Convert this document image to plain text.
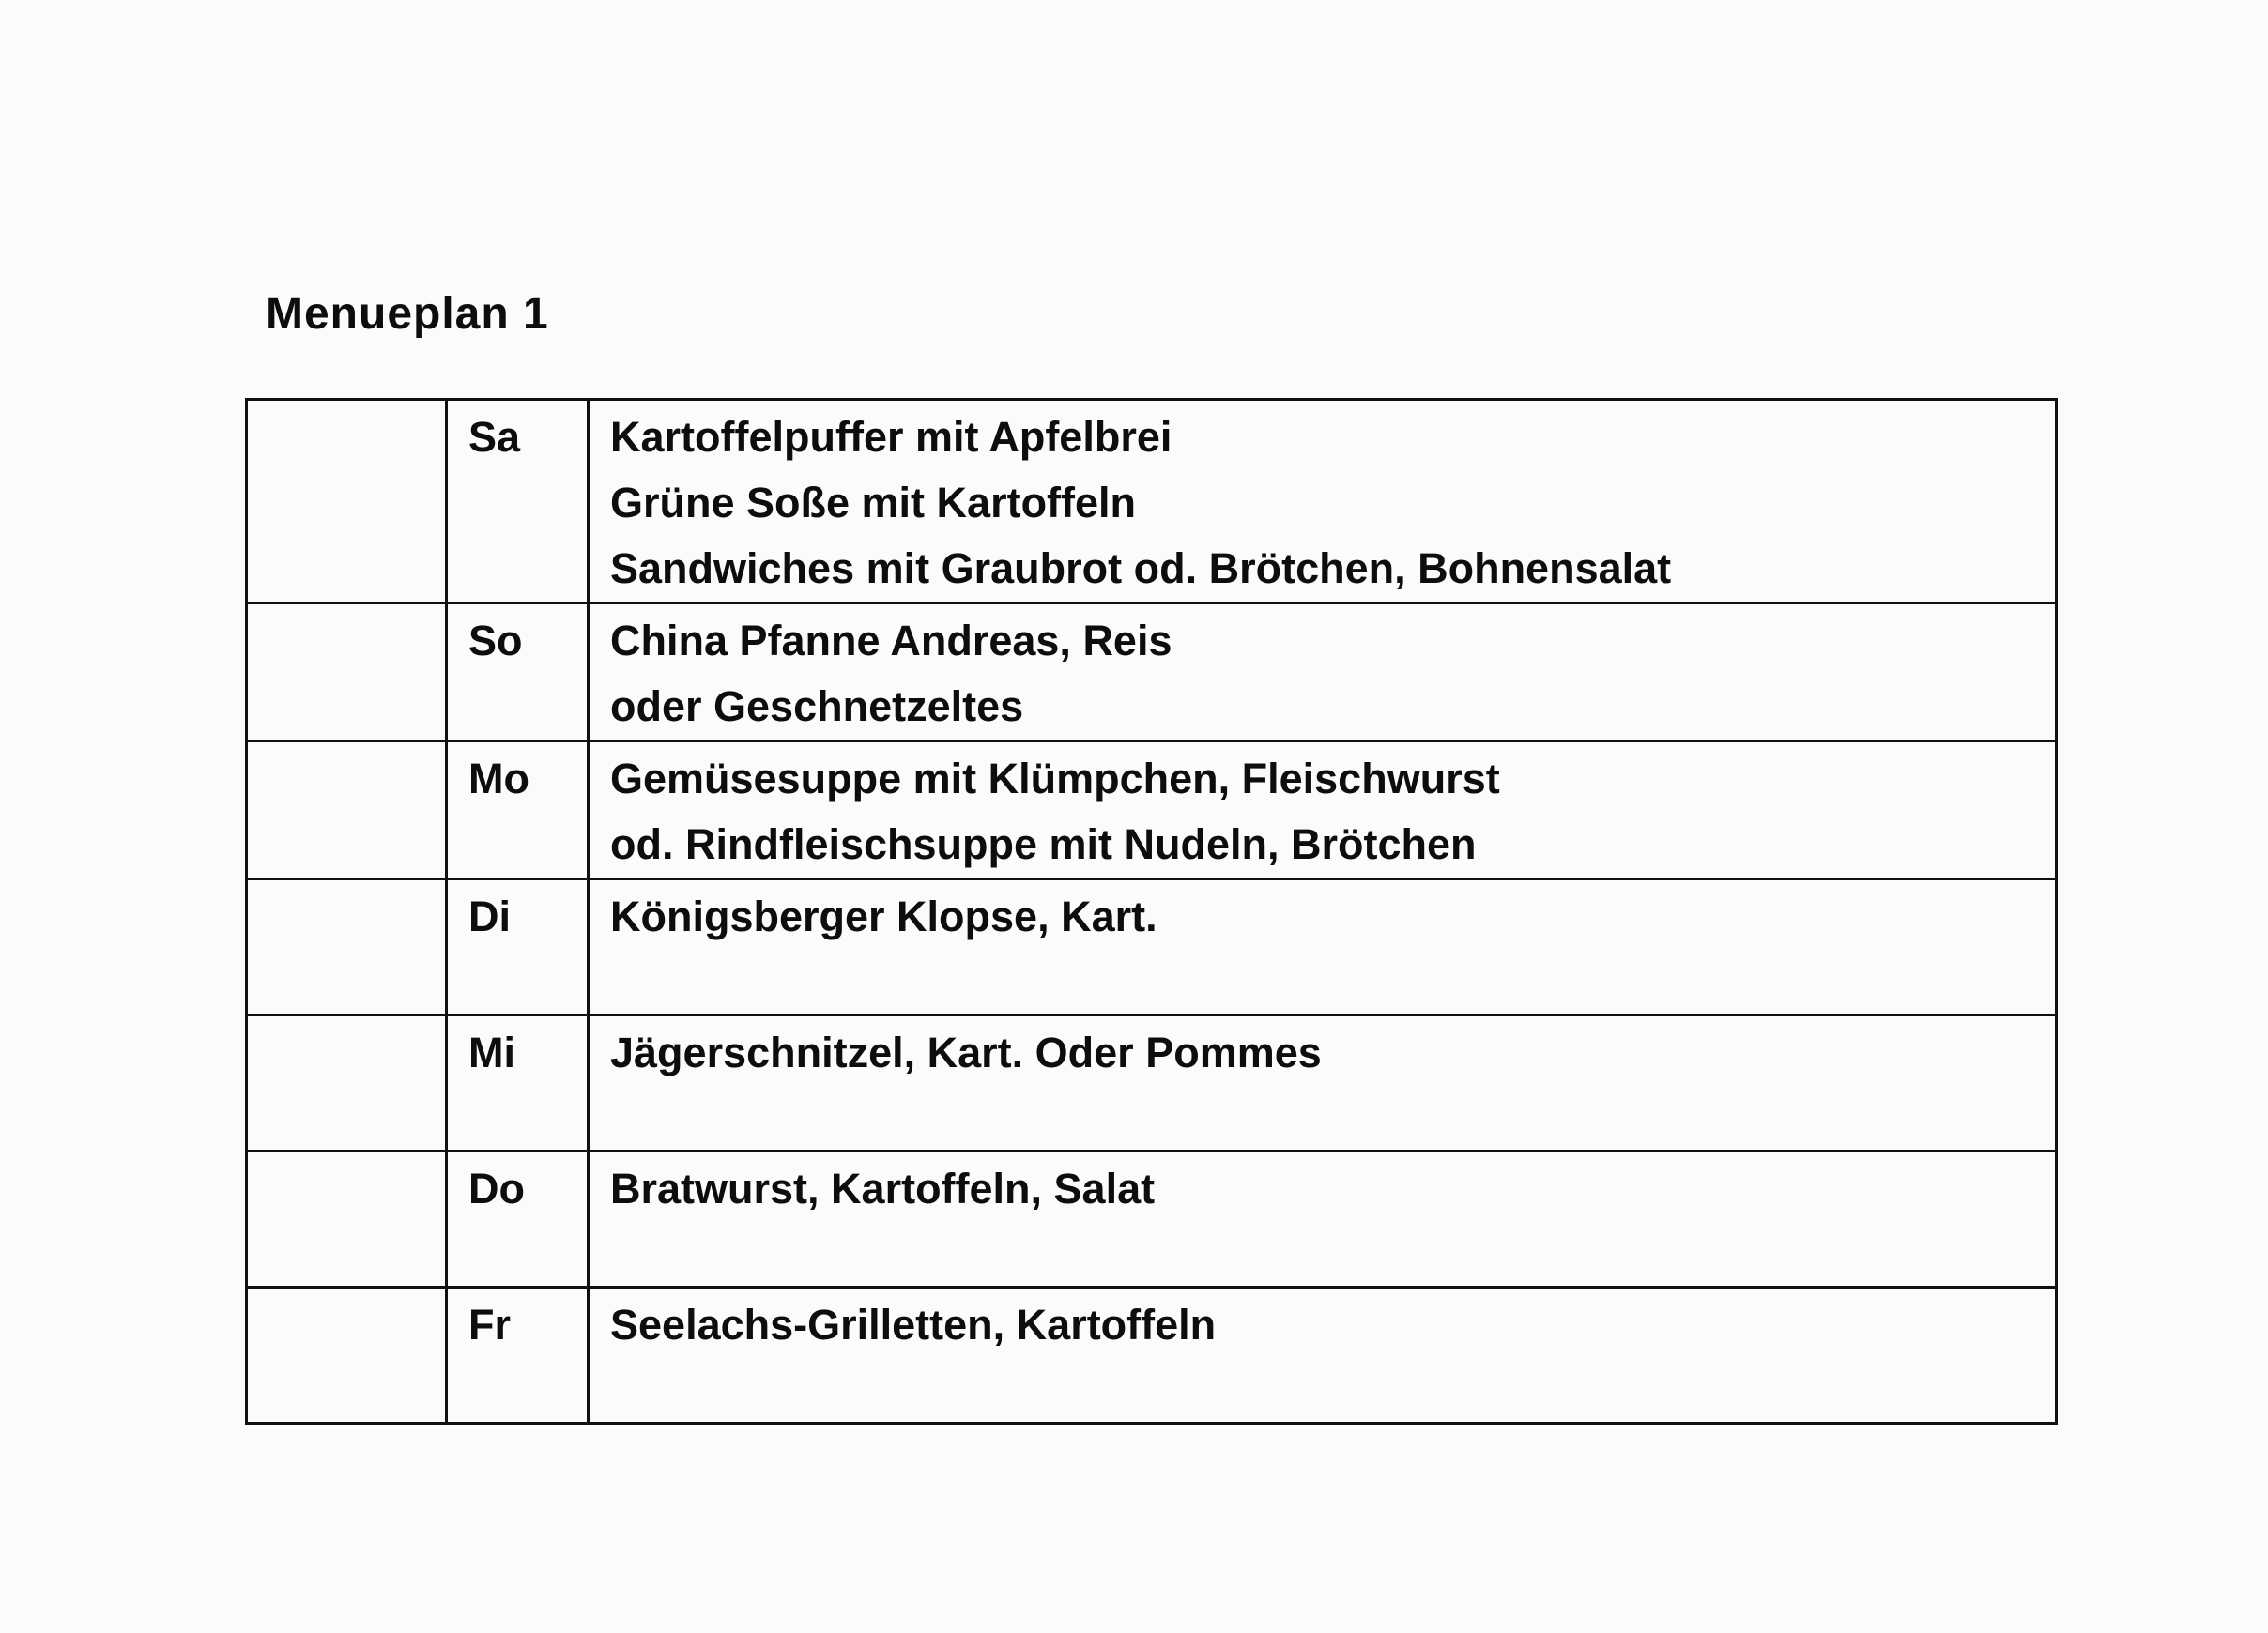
Menueplan 1
	Sa	Kartoffelpuffer mit Apfelbrei
Grüne Soße mit Kartoffeln
Sandwiches mit Graubrot od. Brötchen, Bohnensalat

	So	China Pfanne Andreas, Reis
oder Geschnetzeltes

	Mo	Gemüsesuppe mit Klümpchen, Fleischwurst
od. Rindfleischsuppe mit Nudeln, Brötchen

	Di	Königsberger Klopse, Kart.

	Mi	Jägerschnitzel, Kart. Oder Pommes

	Do	Bratwurst, Kartoffeln, Salat

	Fr	Seelachs-Grilletten, Kartoffeln
